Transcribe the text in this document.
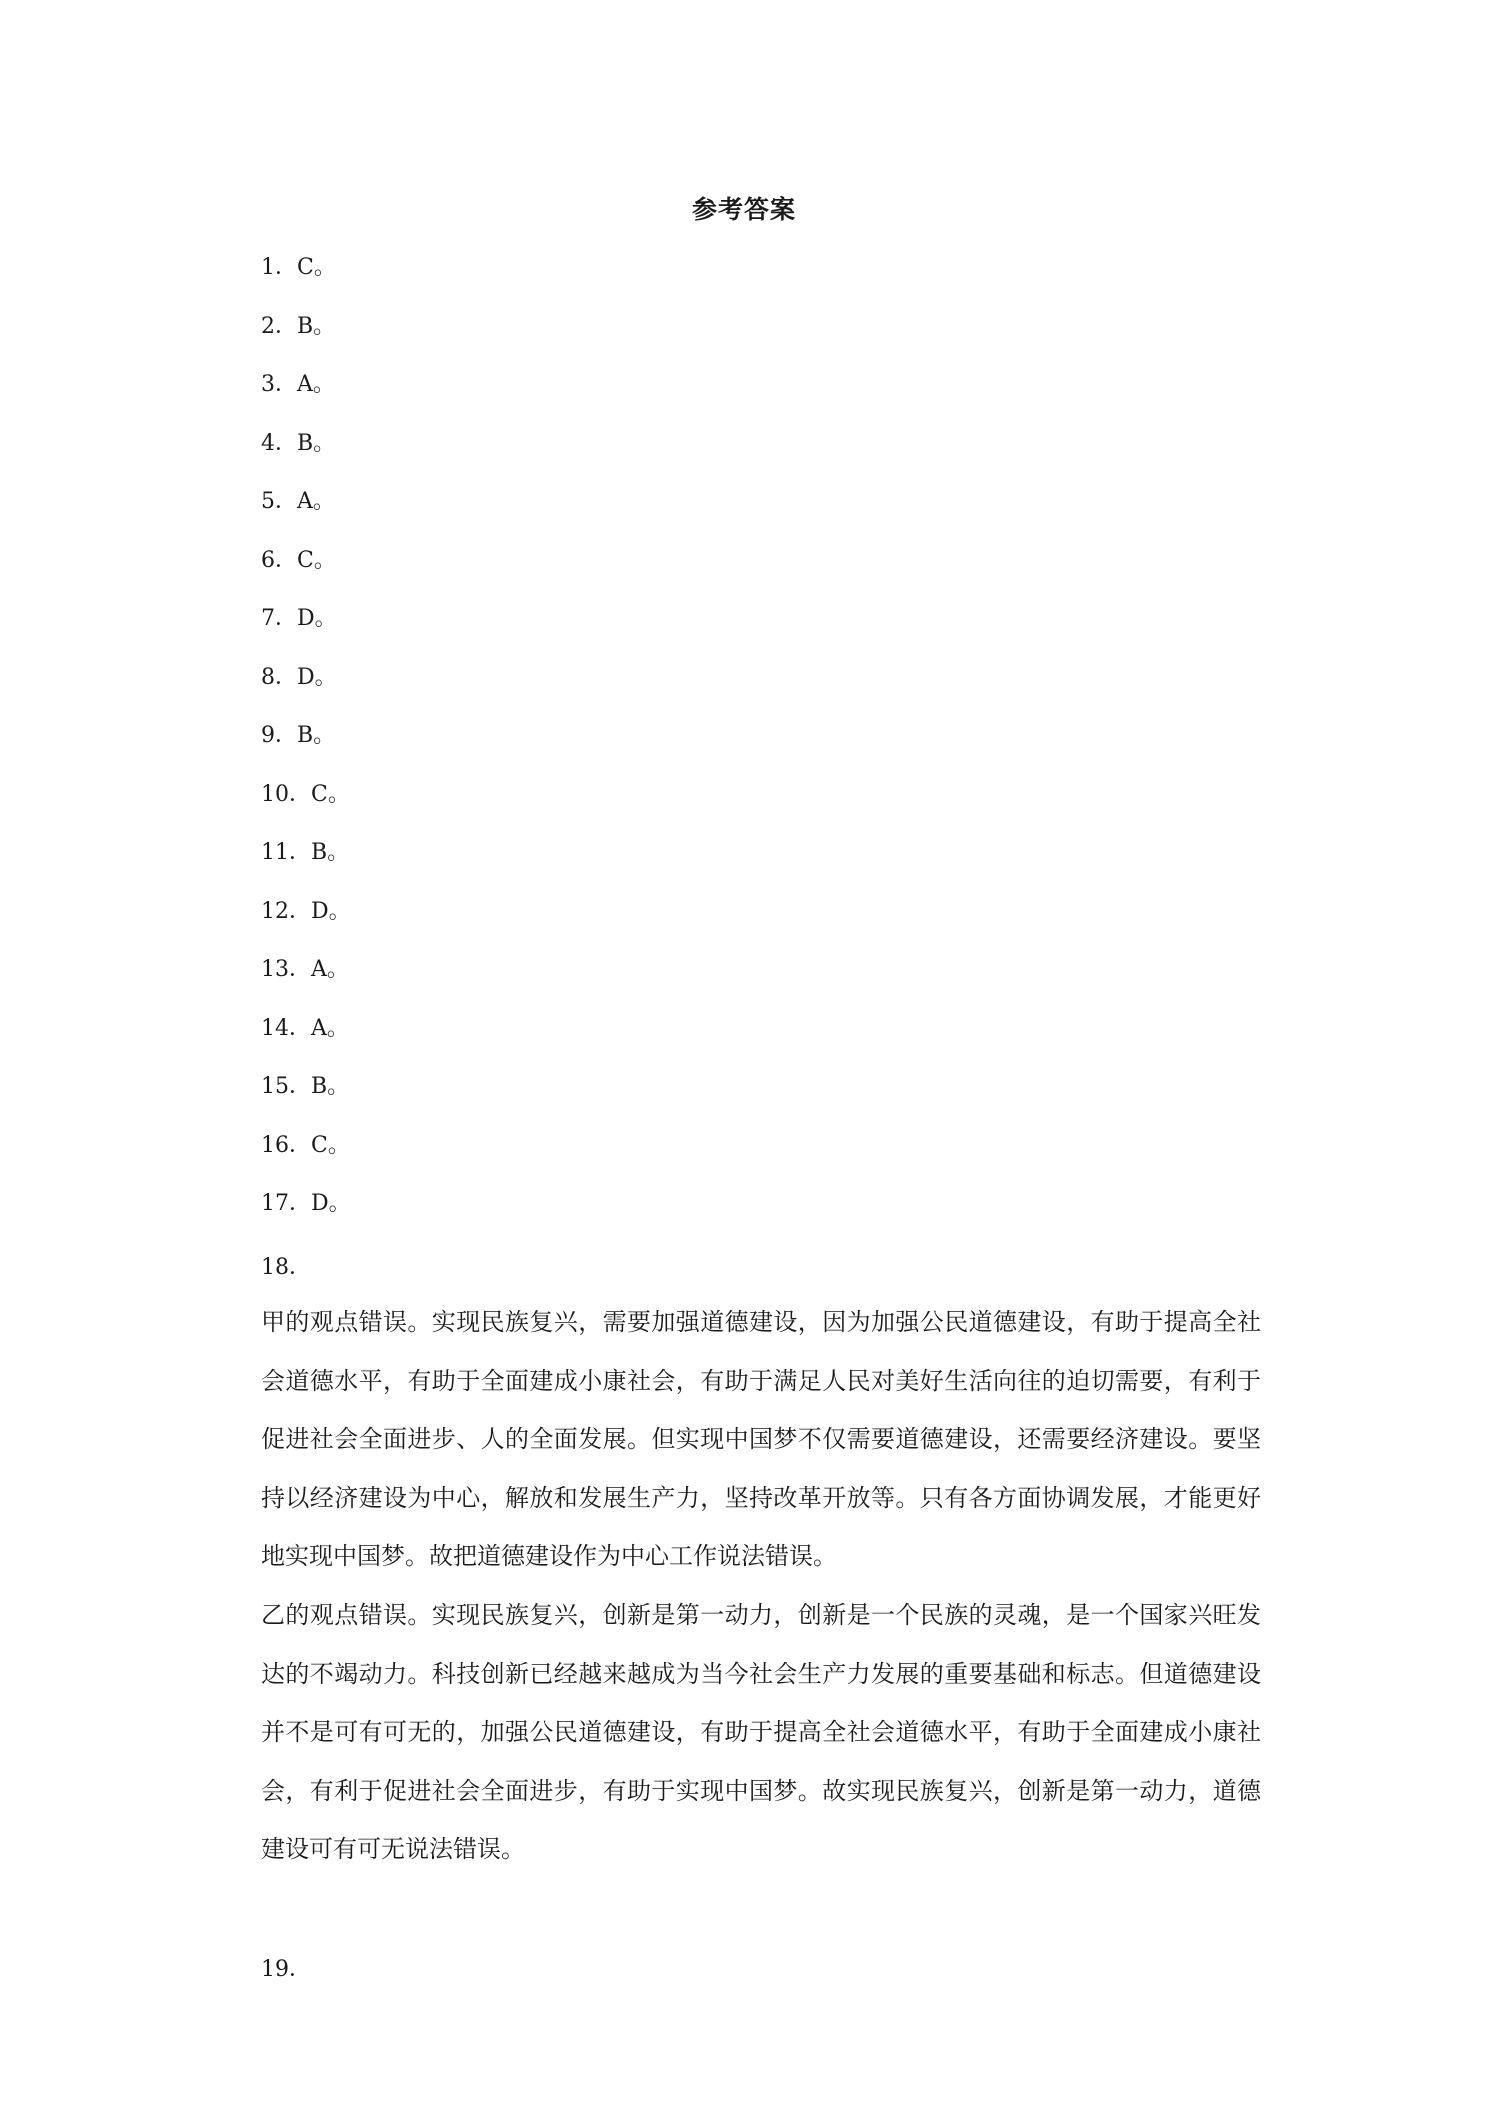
参考答案
1．C。
2．B。
3．A。
4．B。
5．A。
6．C。
7．D。
8．D。
9．B。
10．C。
11．B。
12．D。
13．A。
14．A。
15．B。
16．C。
17．D。
18．

甲的观点错误。实现民族复兴，需要加强道德建设，因为加强公民道德建设，有助于提高全社会道德水平，有助于全面建成小康社会，有助于满足人民对美好生活向往的迫切需要，有利于促进社会全面进步、人的全面发展。但实现中国梦不仅需要道德建设，还需要经济建设。要坚持以经济建设为中心，解放和发展生产力，坚持改革开放等。只有各方面协调发展，才能更好地实现中国梦。故把道德建设作为中心工作说法错误。

乙的观点错误。实现民族复兴，创新是第一动力，创新是一个民族的灵魂，是一个国家兴旺发达的不竭动力。科技创新已经越来越成为当今社会生产力发展的重要基础和标志。但道德建设并不是可有可无的，加强公民道德建设，有助于提高全社会道德水平，有助于全面建成小康社会，有利于促进社会全面进步，有助于实现中国梦。故实现民族复兴，创新是第一动力，道德建设可有可无说法错误。

19．
